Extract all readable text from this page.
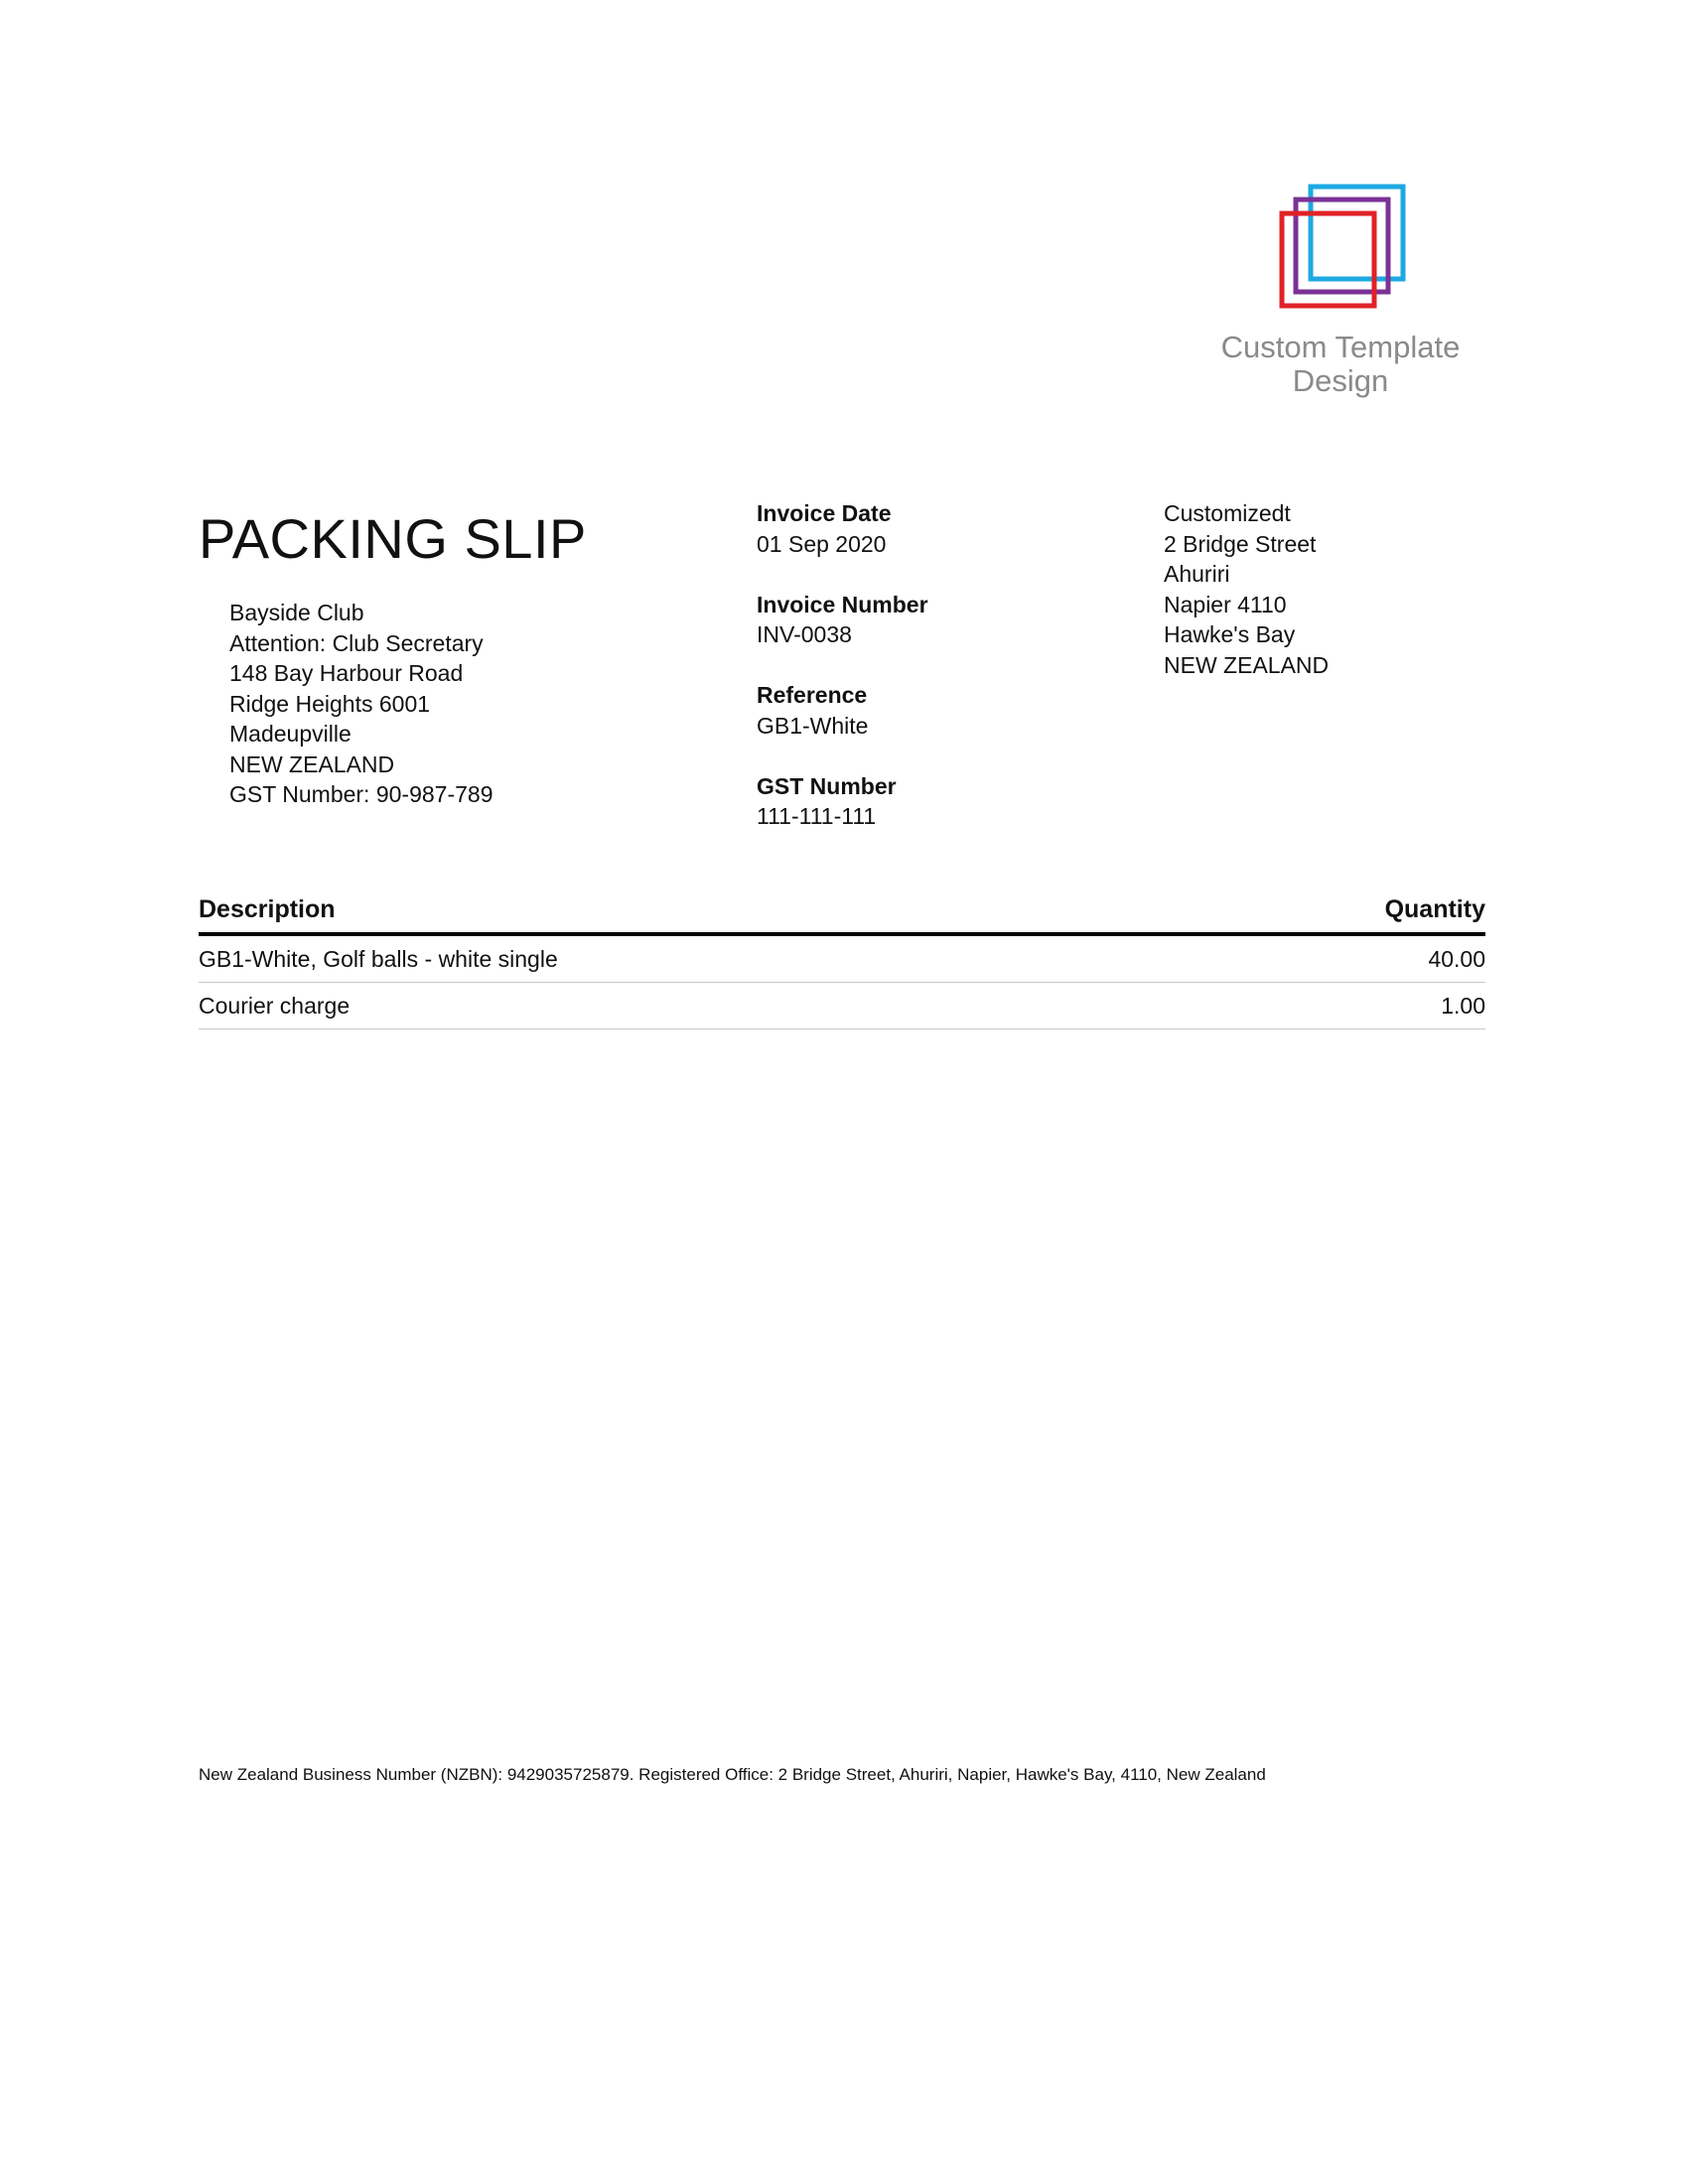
Custom Template
Design
PACKING SLIP
Bayside Club
Attention: Club Secretary
148 Bay Harbour Road
Ridge Heights 6001
Madeupville
NEW ZEALAND
GST Number: 90-987-789
Invoice Date
01 Sep 2020
Invoice Number
INV-0038
Reference
GB1-White
GST Number
111-111-111
Customizedt
2 Bridge Street
Ahuriri
Napier 4110
Hawke's Bay
NEW ZEALAND
Description	Quantity
GB1-White, Golf balls - white single	40.00
Courier charge	1.00
New Zealand Business Number (NZBN): 9429035725879. Registered Office: 2 Bridge Street, Ahuriri, Napier, Hawke's Bay, 4110, New Zealand
